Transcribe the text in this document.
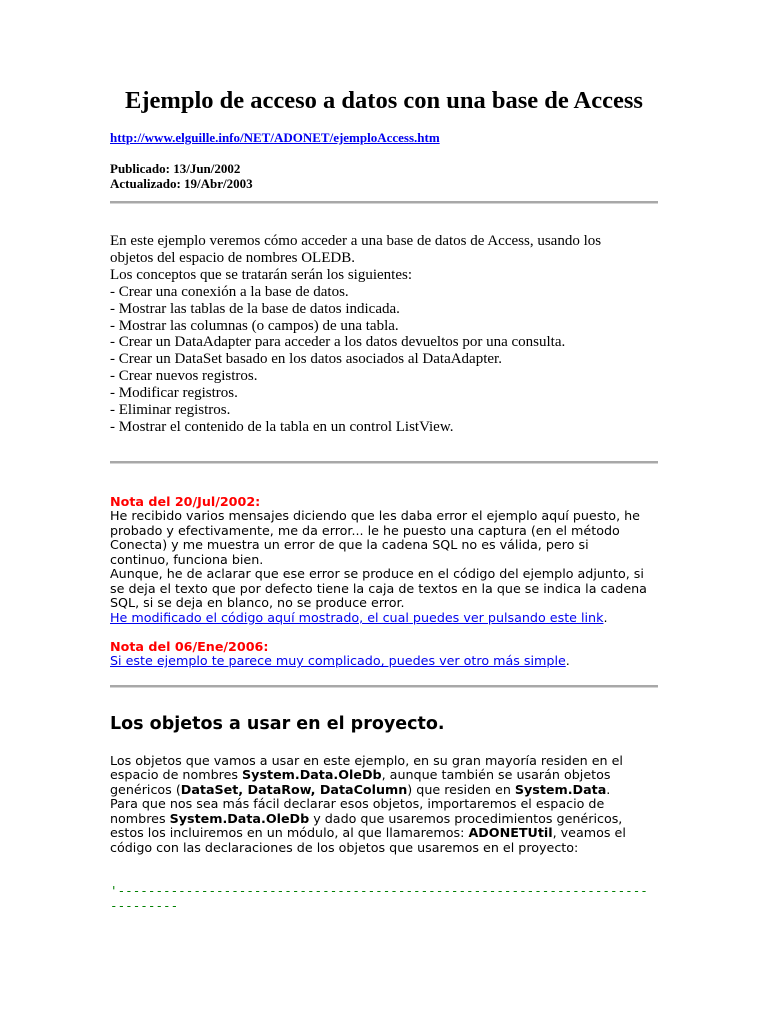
Ejemplo de acceso a datos con una base de Access
http://www.elguille.info/NET/ADONET/ejemploAccess.htm
Publicado: 13/Jun/2002
Actualizado: 19/Abr/2003
En este ejemplo veremos cómo acceder a una base de datos de Access, usando los
objetos del espacio de nombres OLEDB.
Los conceptos que se tratarán serán los siguientes:
- Crear una conexión a la base de datos.
- Mostrar las tablas de la base de datos indicada.
- Mostrar las columnas (o campos) de una tabla.
- Crear un DataAdapter para acceder a los datos devueltos por una consulta.
- Crear un DataSet basado en los datos asociados al DataAdapter.
- Crear nuevos registros.
- Modificar registros.
- Eliminar registros.
- Mostrar el contenido de la tabla en un control ListView.
Nota del 20/Jul/2002:
He recibido varios mensajes diciendo que les daba error el ejemplo aquí puesto, he
probado y efectivamente, me da error... le he puesto una captura (en el método
Conecta) y me muestra un error de que la cadena SQL no es válida, pero si
continuo, funciona bien.
Aunque, he de aclarar que ese error se produce en el código del ejemplo adjunto, si
se deja el texto que por defecto tiene la caja de textos en la que se indica la cadena
SQL, si se deja en blanco, no se produce error.
He modificado el código aquí mostrado, el cual puedes ver pulsando este link.
Nota del 06/Ene/2006:
Si este ejemplo te parece muy complicado, puedes ver otro más simple.
Los objetos a usar en el proyecto.
Los objetos que vamos a usar en este ejemplo, en su gran mayoría residen en el
espacio de nombres System.Data.OleDb, aunque también se usarán objetos
genéricos (DataSet, DataRow, DataColumn) que residen en System.Data.
Para que nos sea más fácil declarar esos objetos, importaremos el espacio de
nombres System.Data.OleDb y dado que usaremos procedimientos genéricos,
estos los incluiremos en un módulo, al que llamaremos: ADONETUtil, veamos el
código con las declaraciones de los objetos que usaremos en el proyecto:
'----------------------------------------------------------------------
---------
